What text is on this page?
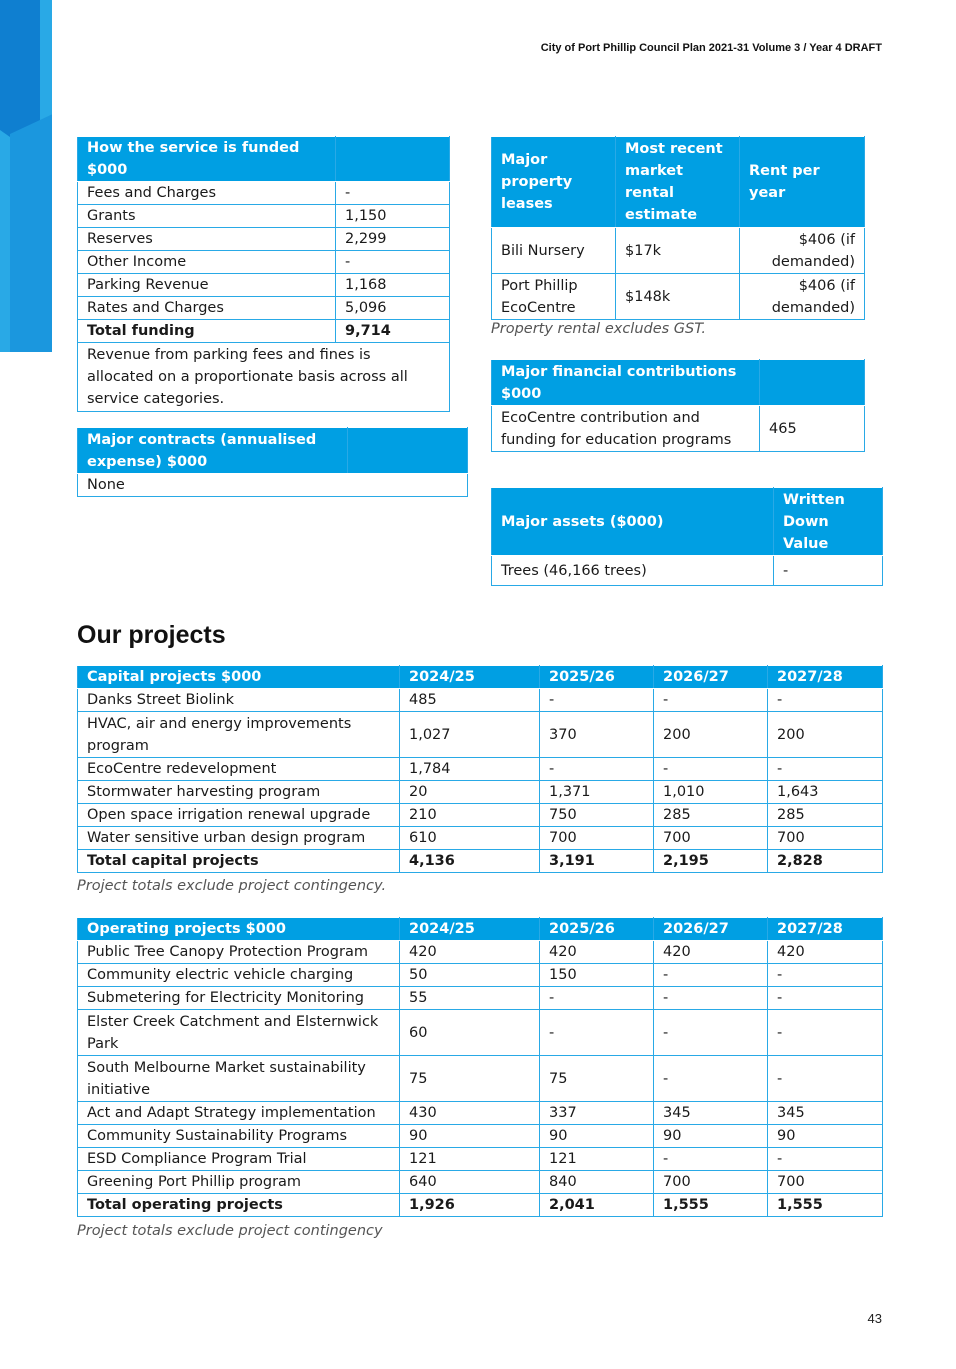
City of Port Phillip Council Plan 2021-31 Volume 3 / Year 4 DRAFT
How the service is funded $000	
Fees and Charges	-
Grants	1,150
Reserves	2,299
Other Income	-
Parking Revenue	1,168
Rates and Charges	5,096
Total funding	9,714
Revenue from parking fees and fines is allocated on a proportionate basis across all service categories.	
Major contracts (annualised expense) $000	
None
Major property leases	Most recent market rental estimate	Rent per year
Bili Nursery	$17k	$406 (if demanded)
Port Phillip EcoCentre	$148k	$406 (if demanded)
Property rental excludes GST.
Major financial contributions $000	
EcoCentre contribution and funding for education programs	465
Major assets ($000)	Written Down Value
Trees (46,166 trees)	-
Our projects
Capital projects $000	2024/25	2025/26	2026/27	2027/28
Danks Street Biolink	485	-	-	-
HVAC, air and energy improvements program	1,027	370	200	200
EcoCentre redevelopment	1,784	-	-	-
Stormwater harvesting program	20	1,371	1,010	1,643
Open space irrigation renewal upgrade	210	750	285	285
Water sensitive urban design program	610	700	700	700
Total capital projects	4,136	3,191	2,195	2,828
Project totals exclude project contingency.
Operating projects $000	2024/25	2025/26	2026/27	2027/28
Public Tree Canopy Protection Program	420	420	420	420
Community electric vehicle charging	50	150	-	-
Submetering for Electricity Monitoring	55	-	-	-
Elster Creek Catchment and Elsternwick Park	60	-	-	-
South Melbourne Market sustainability initiative	75	75	-	-
Act and Adapt Strategy implementation	430	337	345	345
Community Sustainability Programs	90	90	90	90
ESD Compliance Program Trial	121	121	-	-
Greening Port Phillip program	640	840	700	700
Total operating projects	1,926	2,041	1,555	1,555
Project totals exclude project contingency
43
